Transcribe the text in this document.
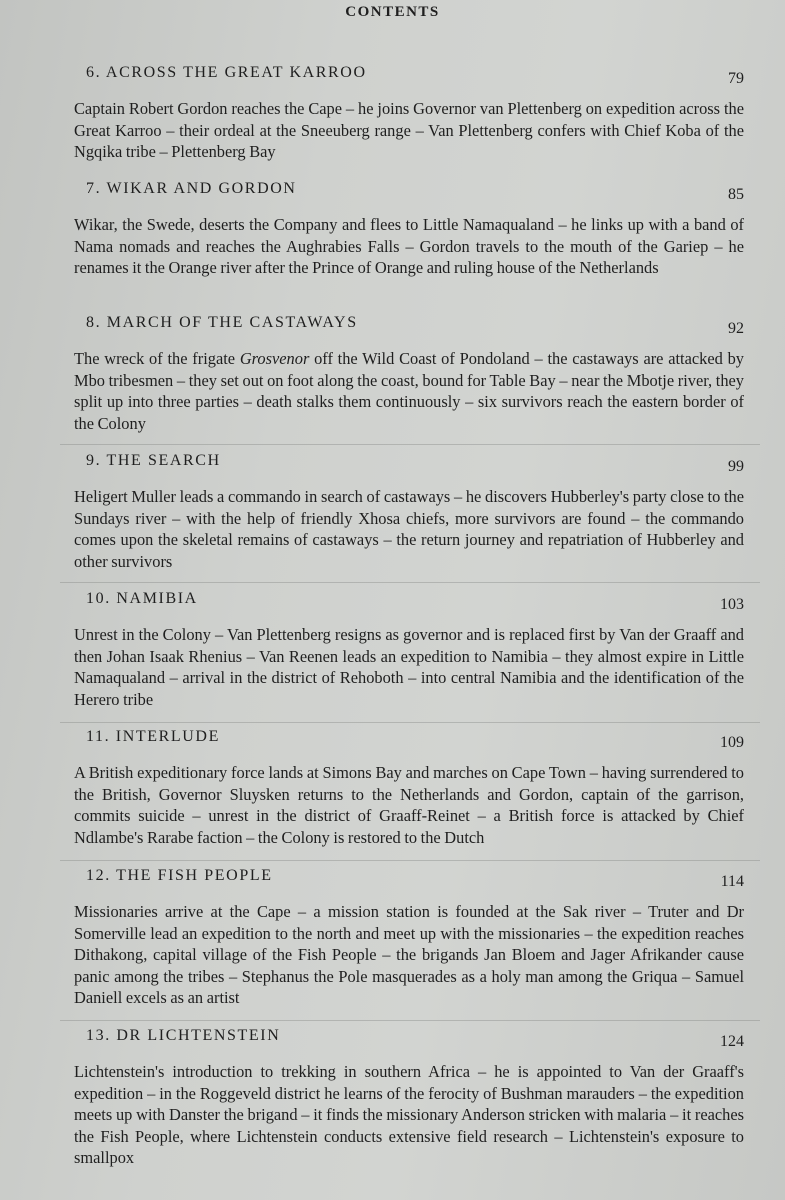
CONTENTS
6. ACROSS THE GREAT KARROO	79

Captain Robert Gordon reaches the Cape – he joins Governor van Plettenberg on expedition across the Great Karroo – their ordeal at the Sneeuberg range – Van Plettenberg confers with Chief Koba of the Ngqika tribe – Plettenberg Bay

7. WIKAR AND GORDON	85

Wikar, the Swede, deserts the Company and flees to Little Namaqualand – he links up with a band of Nama nomads and reaches the Aughrabies Falls – Gordon travels to the mouth of the Gariep – he renames it the Orange river after the Prince of Orange and ruling house of the Netherlands

8. MARCH OF THE CASTAWAYS	92

The wreck of the frigate Grosvenor off the Wild Coast of Pondoland – the castaways are attacked by Mbo tribesmen – they set out on foot along the coast, bound for Table Bay – near the Mbotje river, they split up into three parties – death stalks them continuously – six survivors reach the eastern border of the Colony

9. THE SEARCH	99

Heligert Muller leads a commando in search of castaways – he discovers Hubberley's party close to the Sundays river – with the help of friendly Xhosa chiefs, more survivors are found – the commando comes upon the skeletal remains of castaways – the return journey and repatriation of Hubberley and other survivors

10. NAMIBIA	103

Unrest in the Colony – Van Plettenberg resigns as governor and is replaced first by Van der Graaff and then Johan Isaak Rhenius – Van Reenen leads an expedition to Namibia – they almost expire in Little Namaqualand – arrival in the district of Rehoboth – into central Namibia and the identification of the Herero tribe

11. INTERLUDE	109

A British expeditionary force lands at Simons Bay and marches on Cape Town – having surrendered to the British, Governor Sluysken returns to the Netherlands and Gordon, captain of the garrison, commits suicide – unrest in the district of Graaff-Reinet – a British force is attacked by Chief Ndlambe's Rarabe faction – the Colony is restored to the Dutch

12. THE FISH PEOPLE	114

Missionaries arrive at the Cape – a mission station is founded at the Sak river – Truter and Dr Somerville lead an expedition to the north and meet up with the missionaries – the expedition reaches Dithakong, capital village of the Fish People – the brigands Jan Bloem and Jager Afrikander cause panic among the tribes – Stephanus the Pole masquerades as a holy man among the Griqua – Samuel Daniell excels as an artist

13. DR LICHTENSTEIN	124

Lichtenstein's introduction to trekking in southern Africa – he is appointed to Van der Graaff's expedition – in the Roggeveld district he learns of the ferocity of Bushman marauders – the expedition meets up with Danster the brigand – it finds the missionary Anderson stricken with malaria – it reaches the Fish People, where Lichtenstein conducts extensive field research – Lichtenstein's exposure to smallpox
